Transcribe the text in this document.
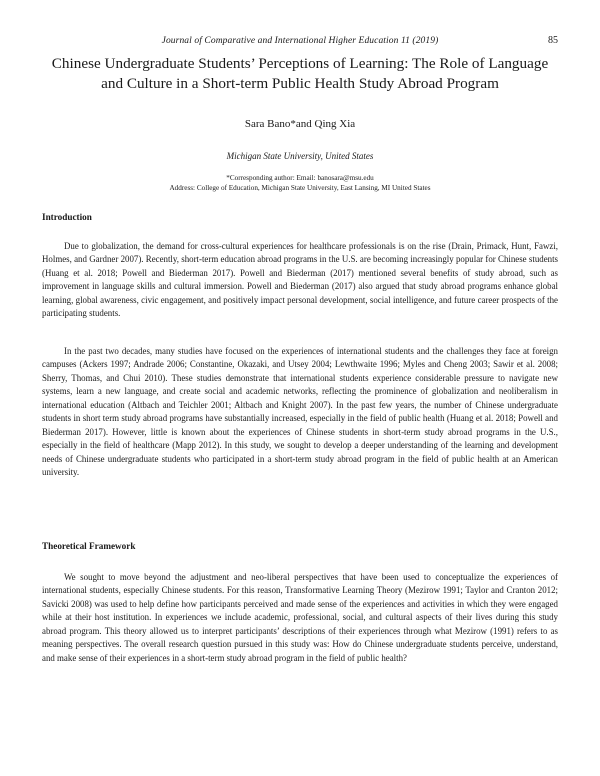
Journal of Comparative and International Higher Education 11 (2019)	85
Chinese Undergraduate Students’ Perceptions of Learning: The Role of Language
and Culture in a Short-term Public Health Study Abroad Program
Sara Bano*and Qing Xia
Michigan State University, United States
*Corresponding author: Email: banosara@msu.edu
Address: College of Education, Michigan State University, East Lansing, MI United States
Introduction

Due to globalization, the demand for cross-cultural experiences for healthcare professionals is on the rise (Drain, Primack, Hunt, Fawzi, Holmes, and Gardner 2007). Recently, short-term education abroad programs in the U.S. are becoming increasingly popular for Chinese students (Huang et al. 2018; Powell and Biederman 2017). Powell and Biederman (2017) mentioned several benefits of study abroad, such as improvement in language skills and cultural immersion. Powell and Biederman (2017) also argued that study abroad programs enhance global learning, global awareness, civic engagement, and positively impact personal development, social intelligence, and future career prospects of the participating students.

In the past two decades, many studies have focused on the experiences of international students and the challenges they face at foreign campuses (Ackers 1997; Andrade 2006; Constantine, Okazaki, and Utsey 2004; Lewthwaite 1996; Myles and Cheng 2003; Sawir et al. 2008; Sherry, Thomas, and Chui 2010). These studies demonstrate that international students experience considerable pressure to navigate new systems, learn a new language, and create social and academic networks, reflecting the prominence of globalization and neoliberalism in international education (Altbach and Teichler 2001; Altbach and Knight 2007). In the past few years, the number of Chinese undergraduate students in short term study abroad programs have substantially increased, especially in the field of public health (Huang et al. 2018; Powell and Biederman 2017). However, little is known about the experiences of Chinese students in short-term study abroad programs in the U.S., especially in the field of healthcare (Mapp 2012). In this study, we sought to develop a deeper understanding of the learning and development needs of Chinese undergraduate students who participated in a short-term study abroad program in the field of public health at an American university.

Theoretical Framework

We sought to move beyond the adjustment and neo-liberal perspectives that have been used to conceptualize the experiences of international students, especially Chinese students. For this reason, Transformative Learning Theory (Mezirow 1991; Taylor and Cranton 2012; Savicki 2008) was used to help define how participants perceived and made sense of the experiences and activities in which they were engaged while at their host institution. In experiences we include academic, professional, social, and cultural aspects of their lives during this study abroad program. This theory allowed us to interpret participants’ descriptions of their experiences through what Mezirow (1991) refers to as meaning perspectives. The overall research question pursued in this study was: How do Chinese undergraduate students perceive, understand, and make sense of their experiences in a short-term study abroad program in the field of public health?
